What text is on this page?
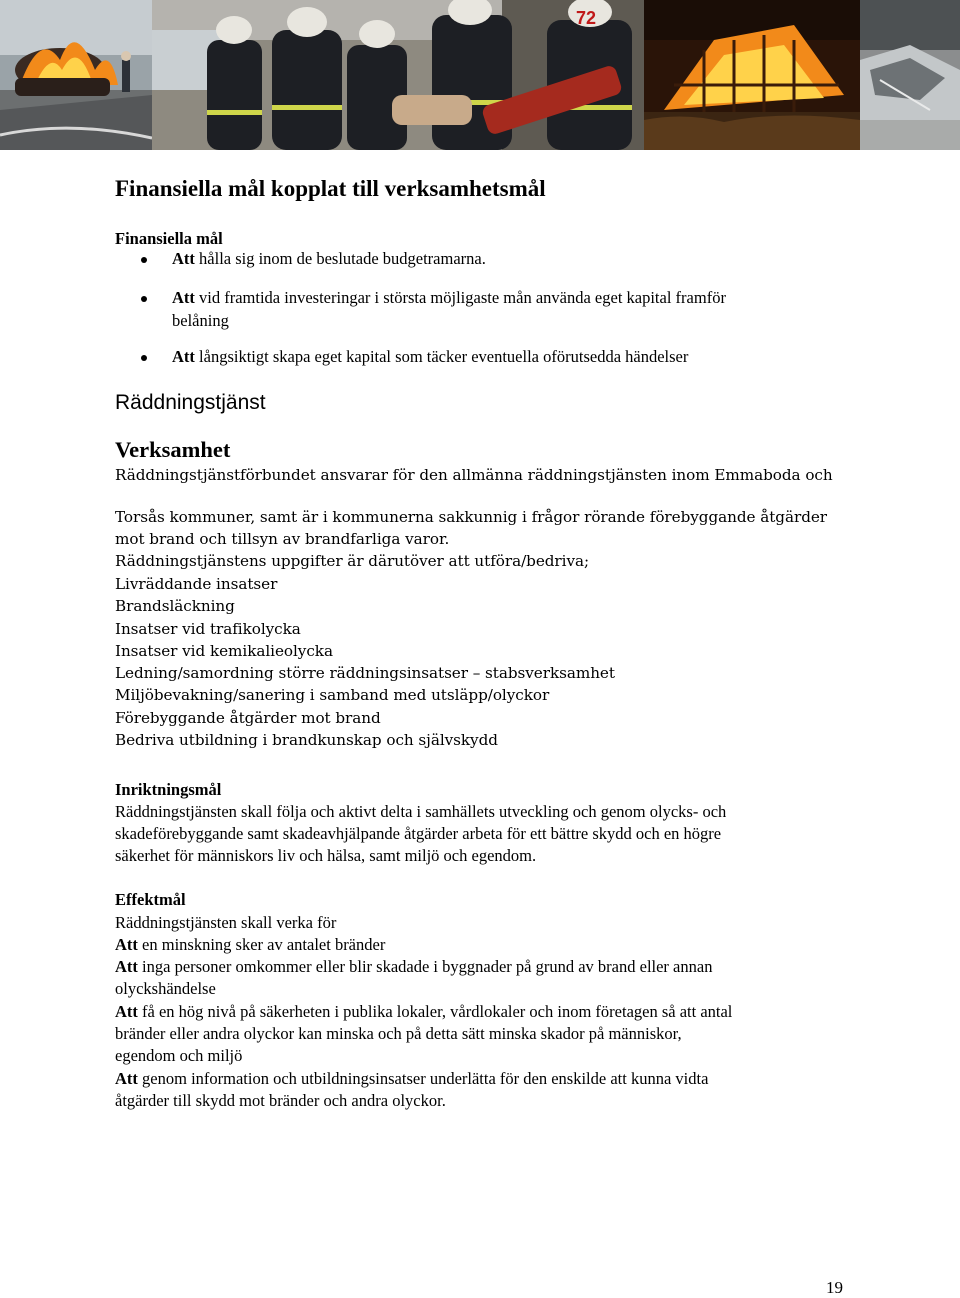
72
Finansiella mål kopplat till verksamhetsmål
Finansiella mål
Att hålla sig inom de beslutade budgetramarna.
Att vid framtida investeringar i största möjligaste mån använda eget kapital framför
belåning
Att långsiktigt skapa eget kapital som täcker eventuella oförutsedda händelser
Räddningstjänst
Verksamhet
Räddningstjänstförbundet ansvarar för den allmänna räddningstjänsten inom Emmaboda och
Torsås kommuner, samt är i kommunerna sakkunnig i frågor rörande förebyggande åtgärder
mot brand och tillsyn av brandfarliga varor.
Räddningstjänstens uppgifter är därutöver att utföra/bedriva;
Livräddande insatser
Brandsläckning
Insatser vid trafikolycka
Insatser vid kemikalieolycka
Ledning/samordning större räddningsinsatser – stabsverksamhet
Miljöbevakning/sanering i samband med utsläpp/olyckor
Förebyggande åtgärder mot brand
Bedriva utbildning i brandkunskap och självskydd
Inriktningsmål
Räddningstjänsten skall följa och aktivt delta i samhällets utveckling och genom olycks- och
skadeförebyggande samt skadeavhjälpande åtgärder arbeta för ett bättre skydd och en högre
säkerhet för människors liv och hälsa, samt miljö och egendom.
Effektmål
Räddningstjänsten skall verka för
Att en minskning sker av antalet bränder
Att inga personer omkommer eller blir skadade i byggnader på grund av brand eller annan
olyckshändelse
Att få en hög nivå på säkerheten i publika lokaler, vårdlokaler och inom företagen så att antal
bränder eller andra olyckor kan minska och på detta sätt minska skador på människor,
egendom och miljö
Att genom information och utbildningsinsatser underlätta för den enskilde att kunna vidta
åtgärder till skydd mot bränder och andra olyckor.
19
